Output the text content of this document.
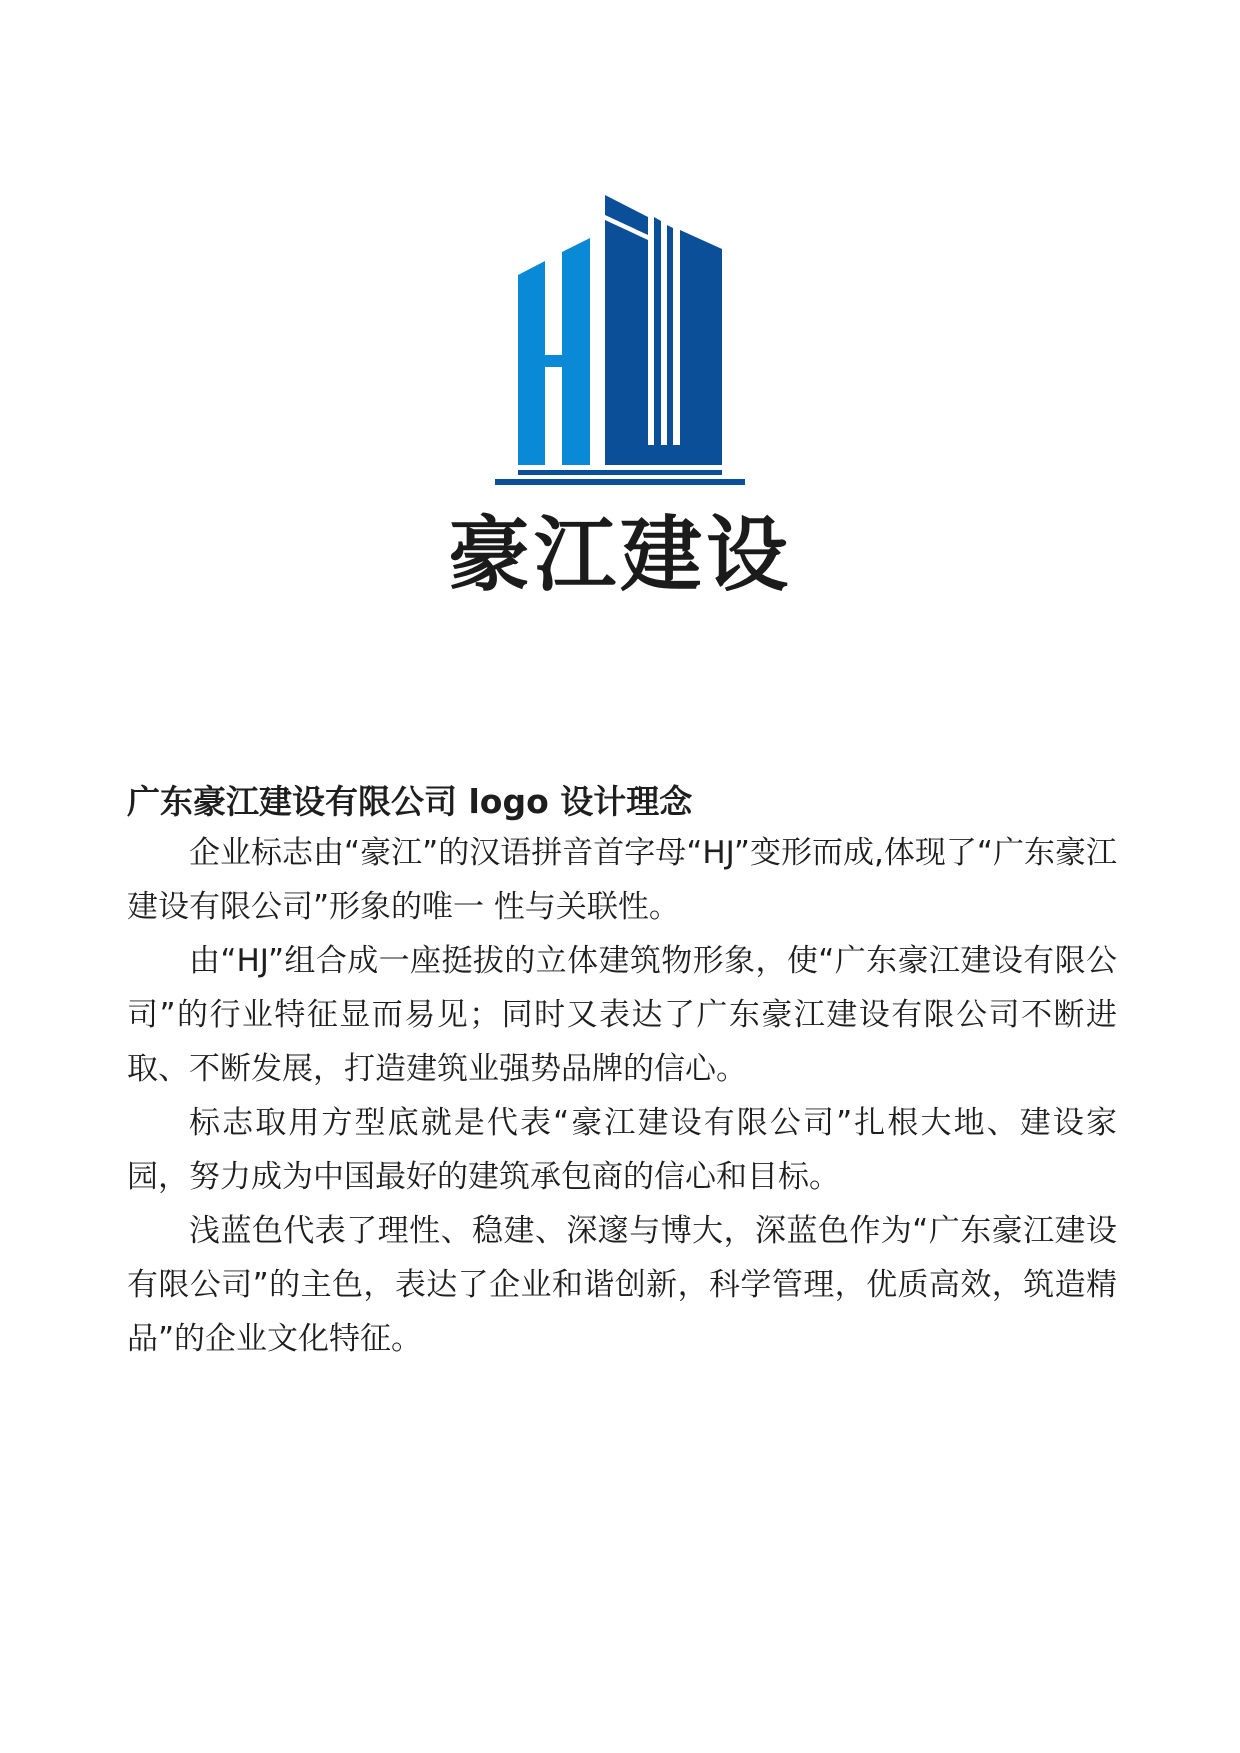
豪江建设
广东豪江建设有限公司 logo 设计理念

企业标志由“豪江”的汉语拼音首字母“HJ”变形而成,体现了“广东豪江建设有限公司”形象的唯一 性与关联性。

由“HJ”组合成一座挺拔的立体建筑物形象，使“广东豪江建设有限公司”的行业特征显而易见；同时又表达了广东豪江建设有限公司不断进取、不断发展，打造建筑业强势品牌的信心。

标志取用方型底就是代表“豪江建设有限公司”扎根大地、建设家园，努力成为中国最好的建筑承包商的信心和目标。

浅蓝色代表了理性、稳建、深邃与博大，深蓝色作为“广东豪江建设有限公司”的主色，表达了企业和谐创新，科学管理，优质高效，筑造精品”的企业文化特征。
